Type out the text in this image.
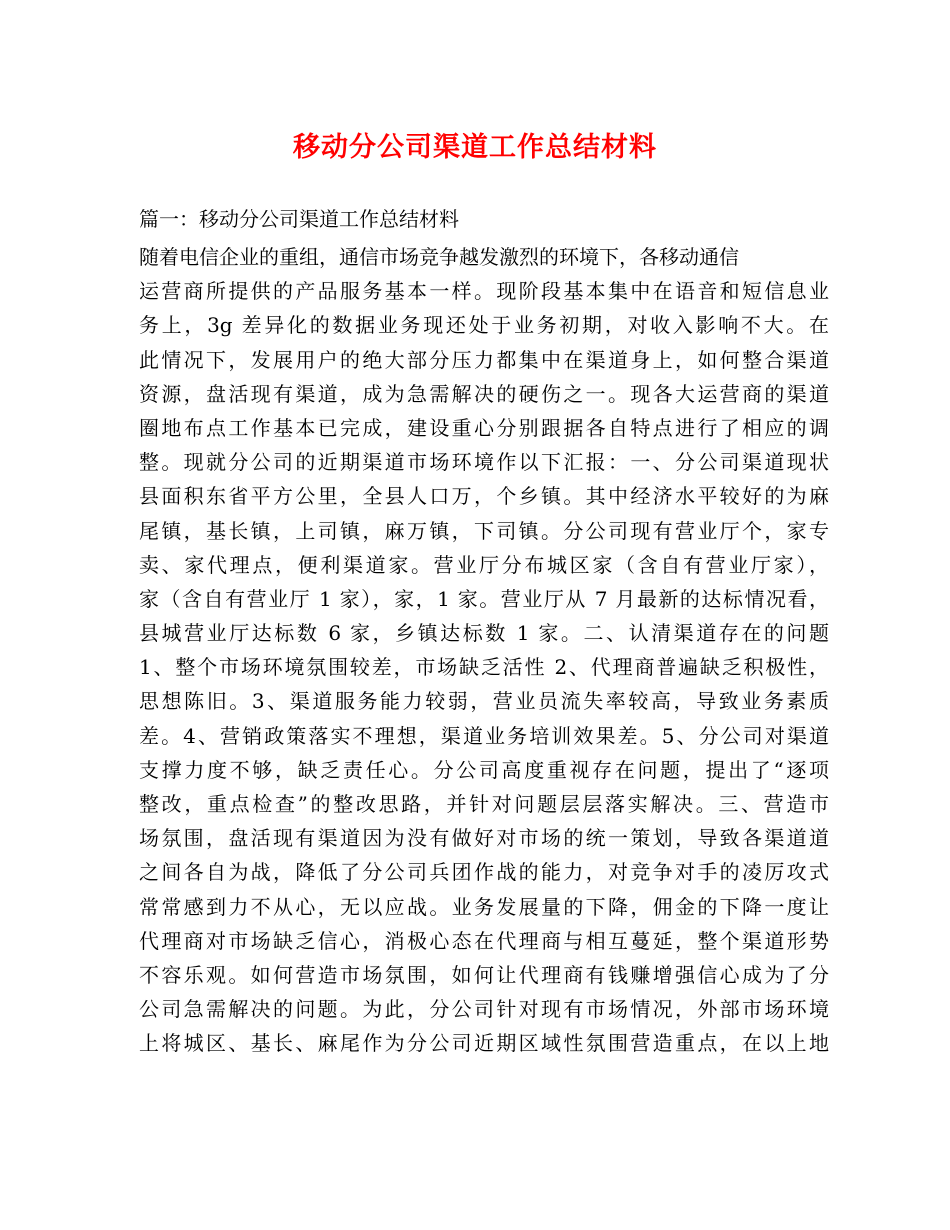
移动分公司渠道工作总结材料
篇一：移动分公司渠道工作总结材料
随着电信企业的重组，通信市场竞争越发激烈的环境下，各移动通信
运营商所提供的产品服务基本一样。现阶段基本集中在语音和短信息业
务上，3g 差异化的数据业务现还处于业务初期，对收入影响不大。在
此情况下，发展用户的绝大部分压力都集中在渠道身上，如何整合渠道
资源，盘活现有渠道，成为急需解决的硬伤之一。现各大运营商的渠道
圈地布点工作基本已完成，建设重心分别跟据各自特点进行了相应的调
整。现就分公司的近期渠道市场环境作以下汇报：一、分公司渠道现状
县面积东省平方公里，全县人口万，个乡镇。其中经济水平较好的为麻
尾镇，基长镇，上司镇，麻万镇，下司镇。分公司现有营业厅个，家专
卖、家代理点，便利渠道家。营业厅分布城区家（含自有营业厅家），
家（含自有营业厅 1 家），家，1 家。营业厅从 7 月最新的达标情况看，
县城营业厅达标数 6 家，乡镇达标数 1 家。二、认清渠道存在的问题
1、整个市场环境氛围较差，市场缺乏活性 2、代理商普遍缺乏积极性，
思想陈旧。3、渠道服务能力较弱，营业员流失率较高，导致业务素质
差。4、营销政策落实不理想，渠道业务培训效果差。5、分公司对渠道
支撑力度不够，缺乏责任心。分公司高度重视存在问题，提出了“逐项
整改，重点检查”的整改思路，并针对问题层层落实解决。三、营造市
场氛围，盘活现有渠道因为没有做好对市场的统一策划，导致各渠道道
之间各自为战，降低了分公司兵团作战的能力，对竞争对手的凌厉攻式
常常感到力不从心，无以应战。业务发展量的下降，佣金的下降一度让
代理商对市场缺乏信心，消极心态在代理商与相互蔓延，整个渠道形势
不容乐观。如何营造市场氛围，如何让代理商有钱赚增强信心成为了分
公司急需解决的问题。为此，分公司针对现有市场情况，外部市场环境
上将城区、基长、麻尾作为分公司近期区域性氛围营造重点，在以上地
